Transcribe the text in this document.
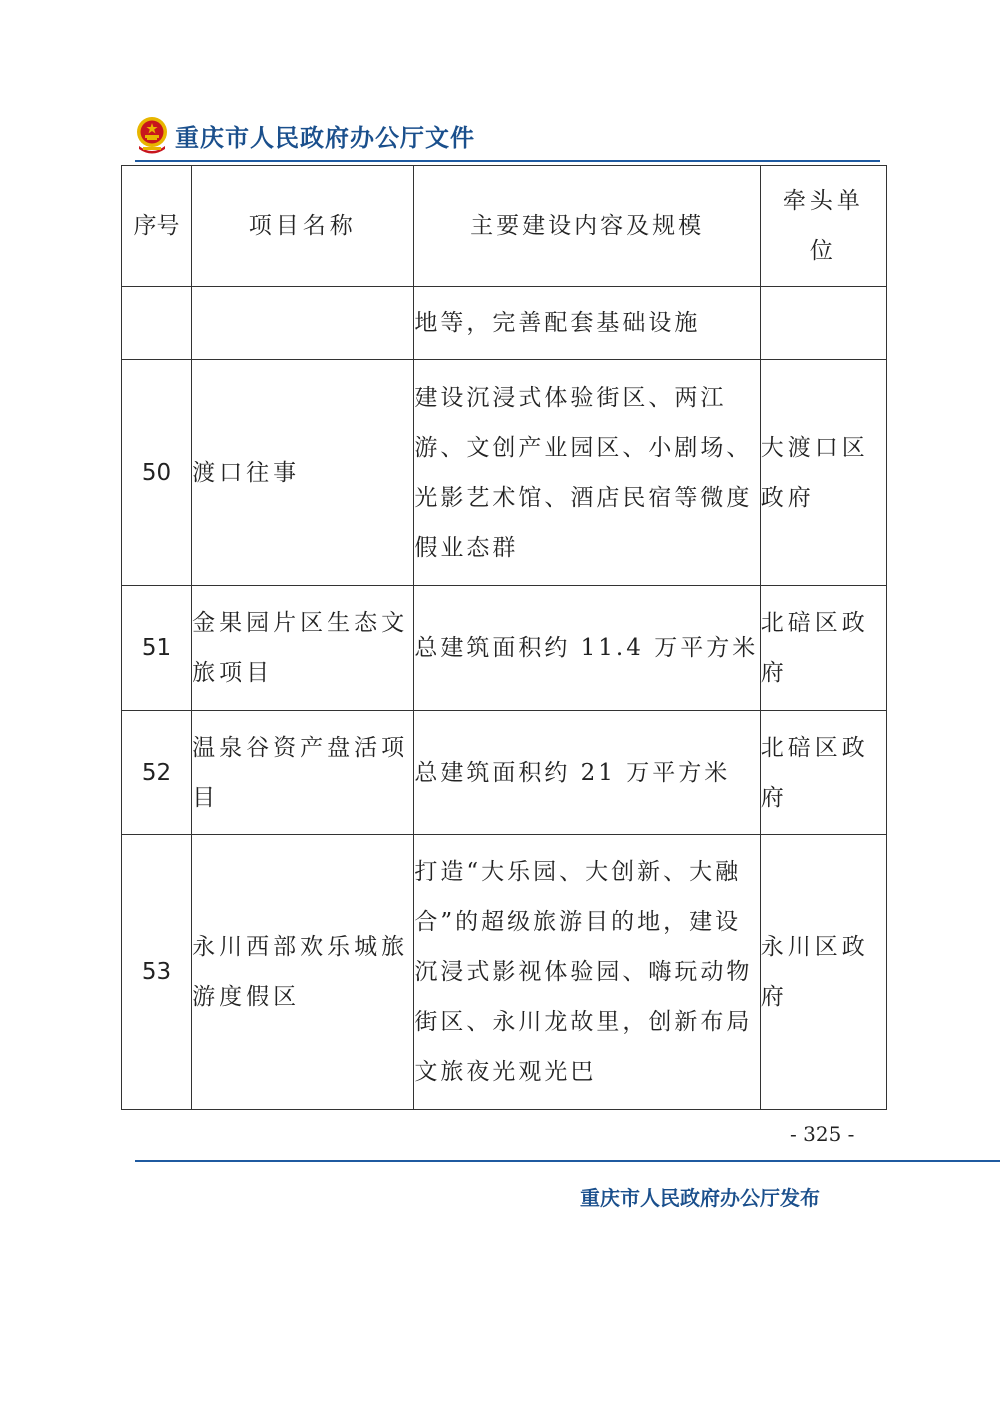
重庆市人民政府办公厅文件
序号	项目名称	主要建设内容及规模	牵头单位

		地等，完善配套基础设施	
50	渡口往事	建设沉浸式体验街区、两江游、文创产业园区、小剧场、光影艺术馆、酒店民宿等微度假业态群	大渡口区政府
51	金果园片区生态文旅项目	总建筑面积约 11.4 万平方米	北碚区政府
52	温泉谷资产盘活项目	总建筑面积约 21 万平方米	北碚区政府
53	永川西部欢乐城旅游度假区	打造“大乐园、大创新、大融合”的超级旅游目的地，建设沉浸式影视体验园、嗨玩动物街区、永川龙故里，创新布局文旅夜光观光巴	永川区政府
- 325 -
重庆市人民政府办公厅发布
